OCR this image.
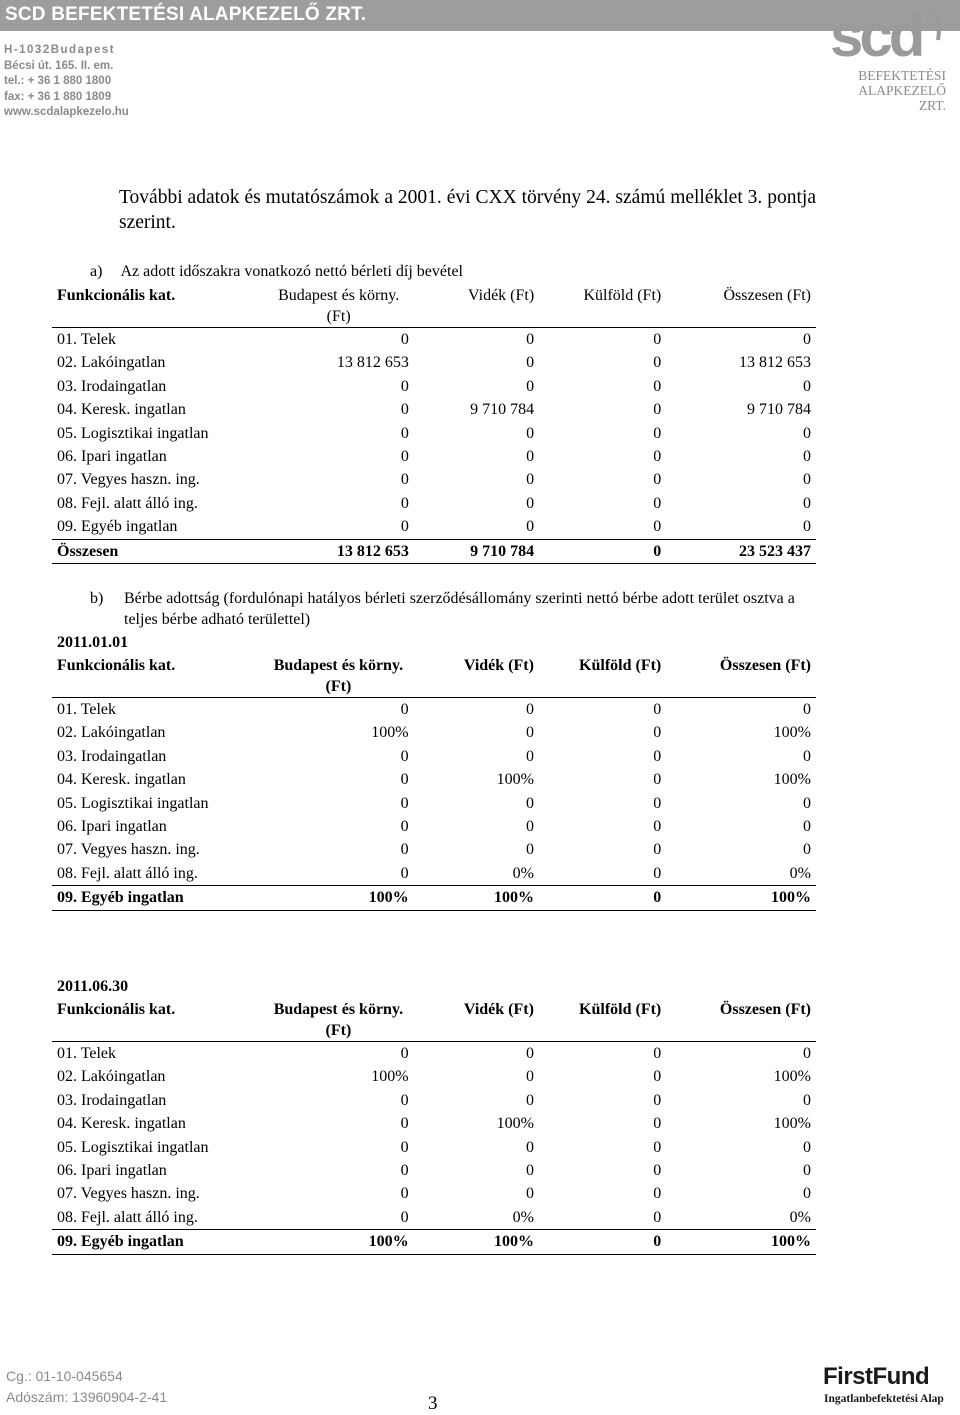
SCD BEFEKTETÉSI ALAPKEZELŐ ZRT.
H-1032Budapest
Bécsi út. 165. II. em.
tel.: + 36 1 880 1800
fax: + 36 1 880 1809
www.scdalapkezelo.hu
scd
BEFEKTETÉSI
ALAPKEZELŐ ZRT.
További adatok és mutatószámok a 2001. évi CXX törvény 24. számú melléklet 3. pontja szerint.
a) Az adott időszakra vonatkozó nettó bérleti díj bevétel
Funkcionális kat.	Budapest és körny. (Ft)	Vidék (Ft)	Külföld (Ft)	Összesen (Ft)
01. Telek	0	0	0	0
02. Lakóingatlan	13 812 653	0	0	13 812 653
03. Irodaingatlan	0	0	0	0
04. Keresk. ingatlan	0	9 710 784	0	9 710 784
05. Logisztikai ingatlan	0	0	0	0
06. Ipari ingatlan	0	0	0	0
07. Vegyes haszn. ing.	0	0	0	0
08. Fejl. alatt álló ing.	0	0	0	0
09. Egyéb ingatlan	0	0	0	0
Összesen	13 812 653	9 710 784	0	23 523 437
b) Bérbe adottság (fordulónapi hatályos bérleti szerződésállomány szerinti nettó bérbe adott terület osztva a teljes bérbe adható területtel)
2011.01.01
Funkcionális kat.	Budapest és körny. (Ft)	Vidék (Ft)	Külföld (Ft)	Összesen (Ft)
01. Telek	0	0	0	0
02. Lakóingatlan	100%	0	0	100%
03. Irodaingatlan	0	0	0	0
04. Keresk. ingatlan	0	100%	0	100%
05. Logisztikai ingatlan	0	0	0	0
06. Ipari ingatlan	0	0	0	0
07. Vegyes haszn. ing.	0	0	0	0
08. Fejl. alatt álló ing.	0	0%	0	0%
09. Egyéb ingatlan	100%	100%	0	100%
2011.06.30
Funkcionális kat.	Budapest és körny. (Ft)	Vidék (Ft)	Külföld (Ft)	Összesen (Ft)
01. Telek	0	0	0	0
02. Lakóingatlan	100%	0	0	100%
03. Irodaingatlan	0	0	0	0
04. Keresk. ingatlan	0	100%	0	100%
05. Logisztikai ingatlan	0	0	0	0
06. Ipari ingatlan	0	0	0	0
07. Vegyes haszn. ing.	0	0	0	0
08. Fejl. alatt álló ing.	0	0%	0	0%
09. Egyéb ingatlan	100%	100%	0	100%
Cg.: 01-10-045654
Adószám: 13960904-2-41	3
FirstFund
Ingatlanbefektetési Alap
